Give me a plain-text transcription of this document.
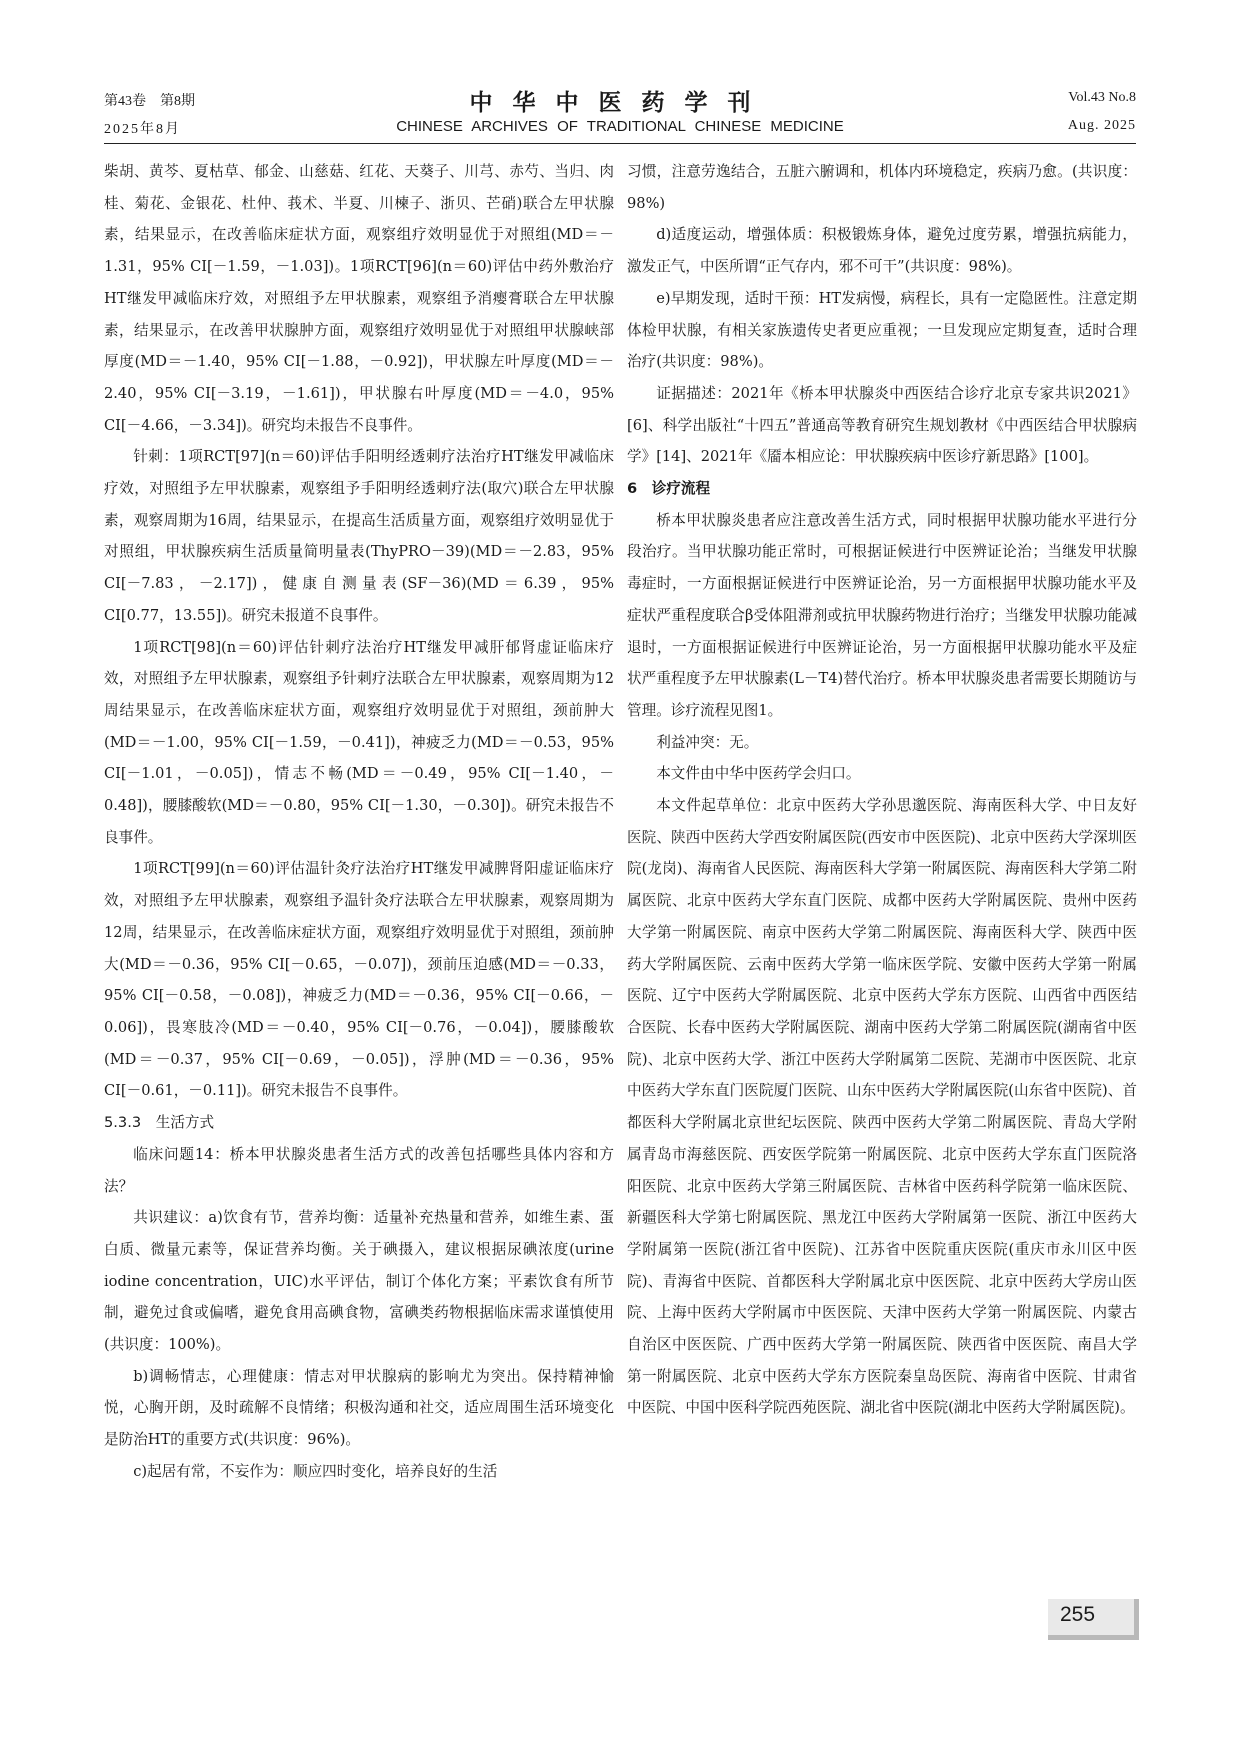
第43卷　第8期
2025年8月
中华中医药学刊
CHINESE ARCHIVES OF TRADITIONAL CHINESE MEDICINE
Vol.43 No.8
Aug. 2025

柴胡、黄芩、夏枯草、郁金、山慈菇、红花、天葵子、川芎、赤芍、当归、肉桂、菊花、金银花、杜仲、莪术、半夏、川楝子、浙贝、芒硝)联合左甲状腺素，结果显示，在改善临床症状方面，观察组疗效明显优于对照组(MD＝－1.31，95% CI[－1.59，－1.03])。1项RCT[96](n＝60)评估中药外敷治疗HT继发甲减临床疗效，对照组予左甲状腺素，观察组予消瘿膏联合左甲状腺素，结果显示，在改善甲状腺肿方面，观察组疗效明显优于对照组甲状腺峡部厚度(MD＝－1.40，95% CI[－1.88，－0.92])，甲状腺左叶厚度(MD＝－2.40，95% CI[－3.19，－1.61])，甲状腺右叶厚度(MD＝－4.0，95% CI[－4.66，－3.34])。研究均未报告不良事件。

针刺：1项RCT[97](n＝60)评估手阳明经透刺疗法治疗HT继发甲减临床疗效，对照组予左甲状腺素，观察组予手阳明经透刺疗法(取穴)联合左甲状腺素，观察周期为16周，结果显示，在提高生活质量方面，观察组疗效明显优于对照组，甲状腺疾病生活质量简明量表(ThyPRO－39)(MD＝－2.83，95% CI[－7.83，－2.17])，健康自测量表(SF－36)(MD＝6.39，95% CI[0.77，13.55])。研究未报道不良事件。

1项RCT[98](n＝60)评估针刺疗法治疗HT继发甲减肝郁肾虚证临床疗效，对照组予左甲状腺素，观察组予针刺疗法联合左甲状腺素，观察周期为12周结果显示，在改善临床症状方面，观察组疗效明显优于对照组，颈前肿大(MD＝－1.00，95% CI[－1.59，－0.41])，神疲乏力(MD＝－0.53，95% CI[－1.01，－0.05])，情志不畅(MD＝－0.49，95% CI[－1.40，－0.48])，腰膝酸软(MD＝－0.80，95% CI[－1.30，－0.30])。研究未报告不良事件。

1项RCT[99](n＝60)评估温针灸疗法治疗HT继发甲减脾肾阳虚证临床疗效，对照组予左甲状腺素，观察组予温针灸疗法联合左甲状腺素，观察周期为12周，结果显示，在改善临床症状方面，观察组疗效明显优于对照组，颈前肿大(MD＝－0.36，95% CI[－0.65，－0.07])，颈前压迫感(MD＝－0.33，95% CI[－0.58，－0.08])，神疲乏力(MD＝－0.36，95% CI[－0.66，－0.06])，畏寒肢冷(MD＝－0.40，95% CI[－0.76，－0.04])，腰膝酸软(MD＝－0.37，95% CI[－0.69，－0.05])，浮肿(MD＝－0.36，95% CI[－0.61，－0.11])。研究未报告不良事件。

5.3.3　生活方式

临床问题14：桥本甲状腺炎患者生活方式的改善包括哪些具体内容和方法？

共识建议：a)饮食有节，营养均衡：适量补充热量和营养，如维生素、蛋白质、微量元素等，保证营养均衡。关于碘摄入，建议根据尿碘浓度(urine iodine concentration，UIC)水平评估，制订个体化方案；平素饮食有所节制，避免过食或偏嗜，避免食用高碘食物，富碘类药物根据临床需求谨慎使用(共识度：100%)。

b)调畅情志，心理健康：情志对甲状腺病的影响尤为突出。保持精神愉悦，心胸开朗，及时疏解不良情绪；积极沟通和社交，适应周围生活环境变化是防治HT的重要方式(共识度：96%)。

c)起居有常，不妄作为：顺应四时变化，培养良好的生活

习惯，注意劳逸结合，五脏六腑调和，机体内环境稳定，疾病乃愈。(共识度：98%)

d)适度运动，增强体质：积极锻炼身体，避免过度劳累，增强抗病能力，激发正气，中医所谓“正气存内，邪不可干”(共识度：98%)。

e)早期发现，适时干预：HT发病慢，病程长，具有一定隐匿性。注意定期体检甲状腺，有相关家族遗传史者更应重视；一旦发现应定期复查，适时合理治疗(共识度：98%)。

证据描述：2021年《桥本甲状腺炎中西医结合诊疗北京专家共识2021》[6]、科学出版社“十四五”普通高等教育研究生规划教材《中西医结合甲状腺病学》[14]、2021年《靥本相应论：甲状腺疾病中医诊疗新思路》[100]。

6　诊疗流程

桥本甲状腺炎患者应注意改善生活方式，同时根据甲状腺功能水平进行分段治疗。当甲状腺功能正常时，可根据证候进行中医辨证论治；当继发甲状腺毒症时，一方面根据证候进行中医辨证论治，另一方面根据甲状腺功能水平及症状严重程度联合β受体阻滞剂或抗甲状腺药物进行治疗；当继发甲状腺功能减退时，一方面根据证候进行中医辨证论治，另一方面根据甲状腺功能水平及症状严重程度予左甲状腺素(L－T4)替代治疗。桥本甲状腺炎患者需要长期随访与管理。诊疗流程见图1。

利益冲突：无。

本文件由中华中医药学会归口。

本文件起草单位：北京中医药大学孙思邈医院、海南医科大学、中日友好医院、陕西中医药大学西安附属医院(西安市中医医院)、北京中医药大学深圳医院(龙岗)、海南省人民医院、海南医科大学第一附属医院、海南医科大学第二附属医院、北京中医药大学东直门医院、成都中医药大学附属医院、贵州中医药大学第一附属医院、南京中医药大学第二附属医院、海南医科大学、陕西中医药大学附属医院、云南中医药大学第一临床医学院、安徽中医药大学第一附属医院、辽宁中医药大学附属医院、北京中医药大学东方医院、山西省中西医结合医院、长春中医药大学附属医院、湖南中医药大学第二附属医院(湖南省中医院)、北京中医药大学、浙江中医药大学附属第二医院、芜湖市中医医院、北京中医药大学东直门医院厦门医院、山东中医药大学附属医院(山东省中医院)、首都医科大学附属北京世纪坛医院、陕西中医药大学第二附属医院、青岛大学附属青岛市海慈医院、西安医学院第一附属医院、北京中医药大学东直门医院洛阳医院、北京中医药大学第三附属医院、吉林省中医药科学院第一临床医院、新疆医科大学第七附属医院、黑龙江中医药大学附属第一医院、浙江中医药大学附属第一医院(浙江省中医院)、江苏省中医院重庆医院(重庆市永川区中医院)、青海省中医院、首都医科大学附属北京中医医院、北京中医药大学房山医院、上海中医药大学附属市中医医院、天津中医药大学第一附属医院、内蒙古自治区中医医院、广西中医药大学第一附属医院、陕西省中医医院、南昌大学第一附属医院、北京中医药大学东方医院秦皇岛医院、海南省中医院、甘肃省中医院、中国中医科学院西苑医院、湖北省中医院(湖北中医药大学附属医院)。

255
